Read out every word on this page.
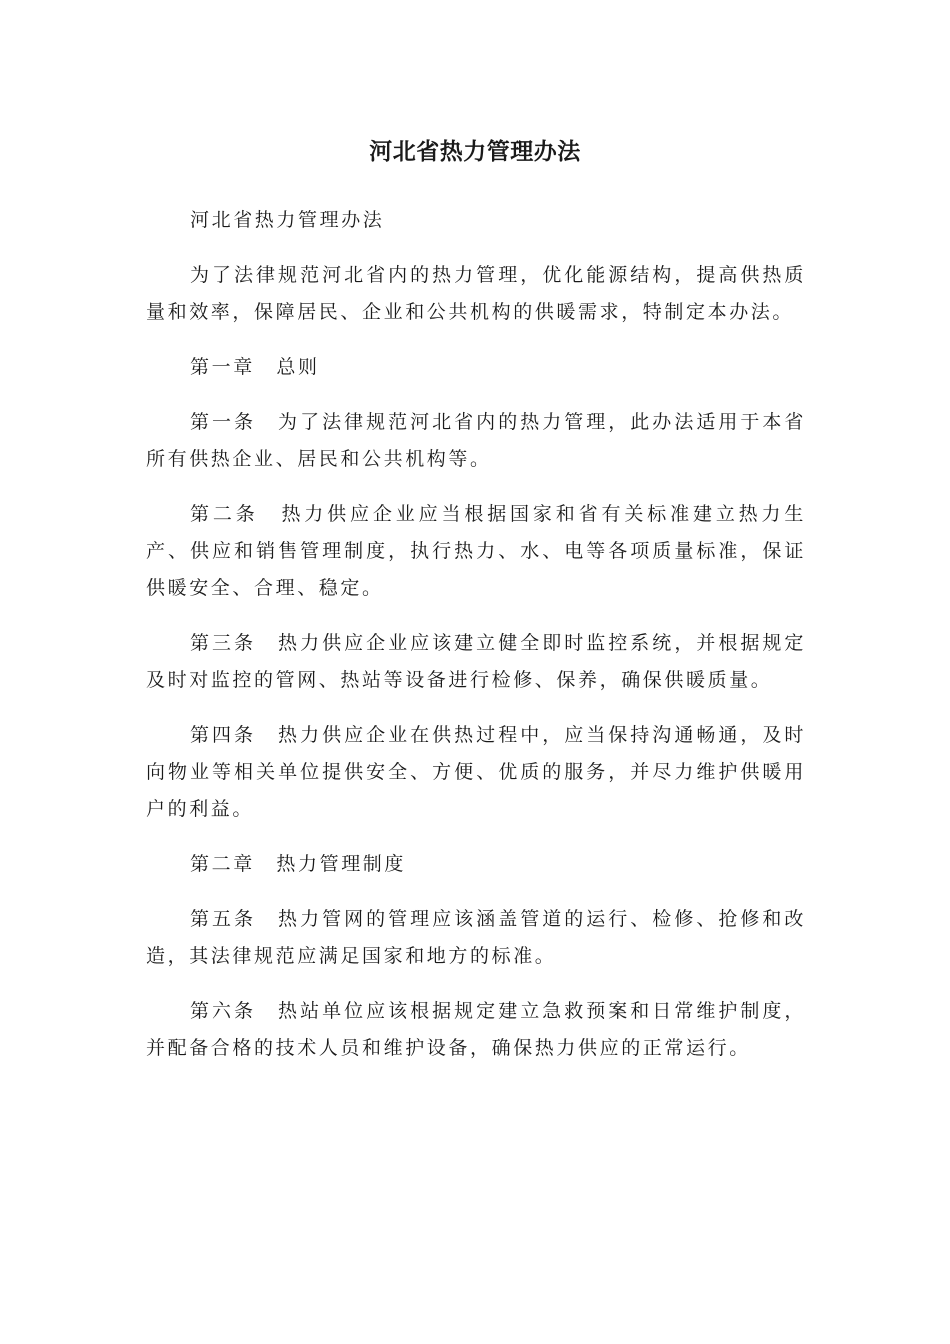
河北省热力管理办法

河北省热力管理办法

为了法律规范河北省内的热力管理，优化能源结构，提高供热质量和效率，保障居民、企业和公共机构的供暖需求，特制定本办法。

第一章　总则

第一条　为了法律规范河北省内的热力管理，此办法适用于本省所有供热企业、居民和公共机构等。

第二条　热力供应企业应当根据国家和省有关标准建立热力生产、供应和销售管理制度，执行热力、水、电等各项质量标准，保证供暖安全、合理、稳定。

第三条　热力供应企业应该建立健全即时监控系统，并根据规定及时对监控的管网、热站等设备进行检修、保养，确保供暖质量。

第四条　热力供应企业在供热过程中，应当保持沟通畅通，及时向物业等相关单位提供安全、方便、优质的服务，并尽力维护供暖用户的利益。

第二章　热力管理制度

第五条　热力管网的管理应该涵盖管道的运行、检修、抢修和改造，其法律规范应满足国家和地方的标准。

第六条　热站单位应该根据规定建立急救预案和日常维护制度，并配备合格的技术人员和维护设备，确保热力供应的正常运行。
